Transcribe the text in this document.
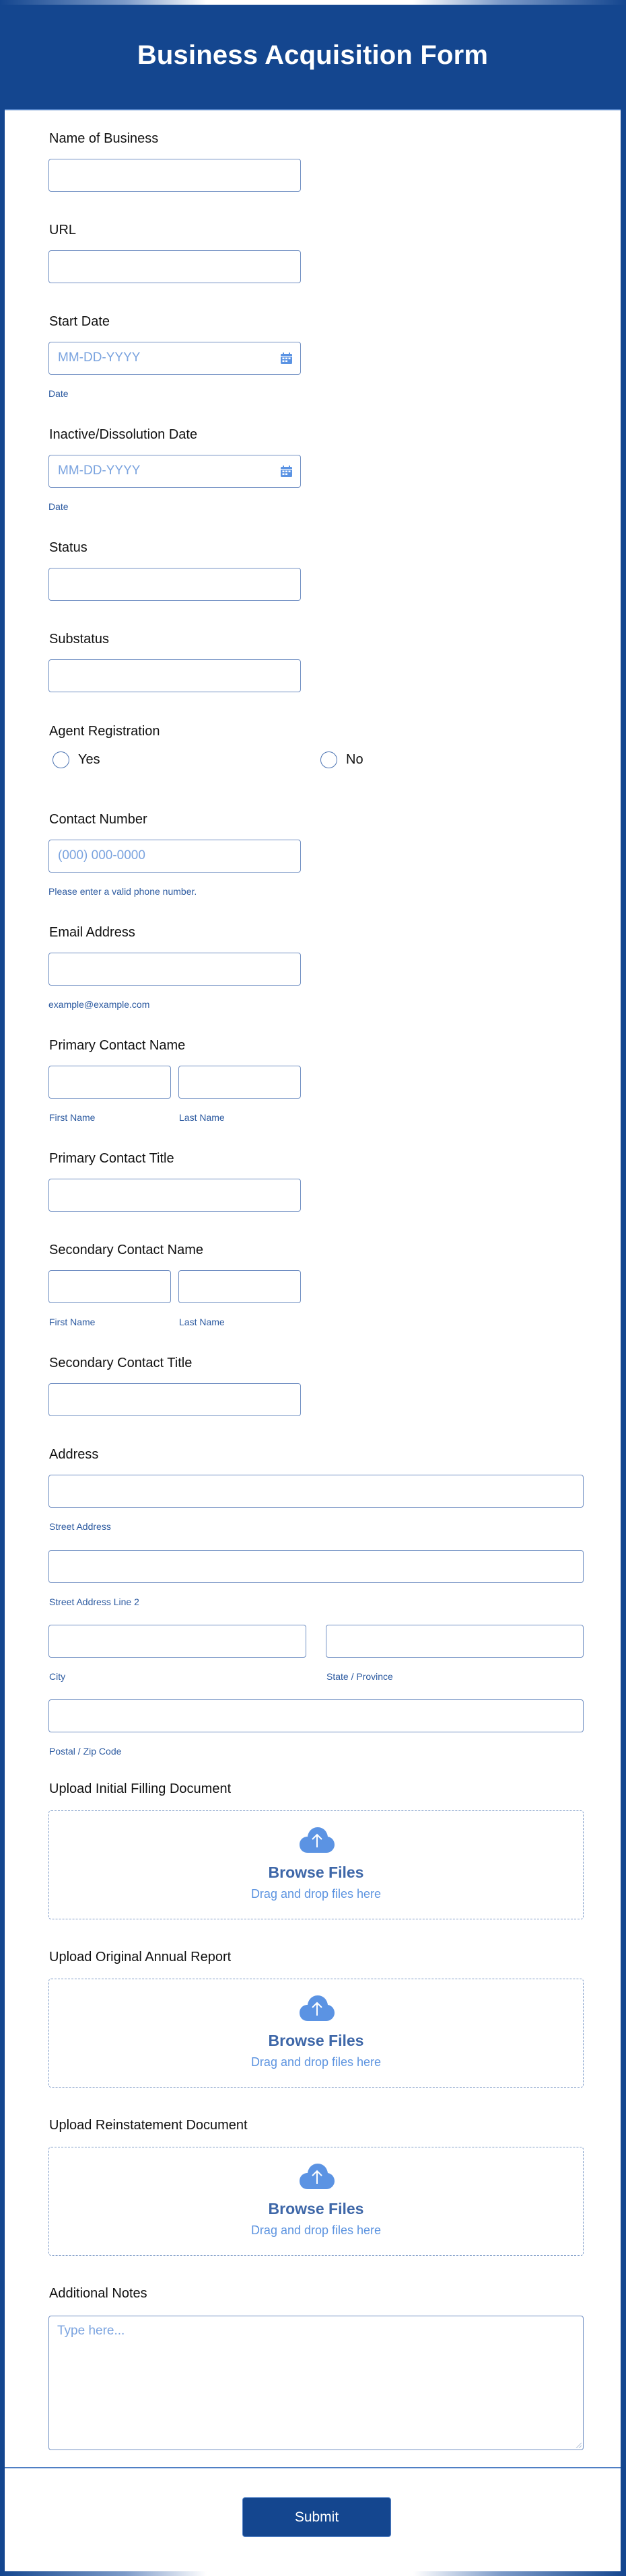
Business Acquisition Form
Name of Business
URL
Start Date
MM-DD-YYYY
Date
Inactive/Dissolution Date
MM-DD-YYYY
Date
Status
Substatus
Agent Registration
Yes	No
Contact Number
(000) 000-0000
Please enter a valid phone number.
Email Address
example@example.com
Primary Contact Name
First Name	Last Name
Primary Contact Title
Secondary Contact Name
First Name	Last Name
Secondary Contact Title
Address
Street Address
Street Address Line 2
City	State / Province
Postal / Zip Code
Upload Initial Filling Document
Browse Files
Drag and drop files here
Upload Original Annual Report
Browse Files
Drag and drop files here
Upload Reinstatement Document
Browse Files
Drag and drop files here
Additional Notes
Type here...
Submit
